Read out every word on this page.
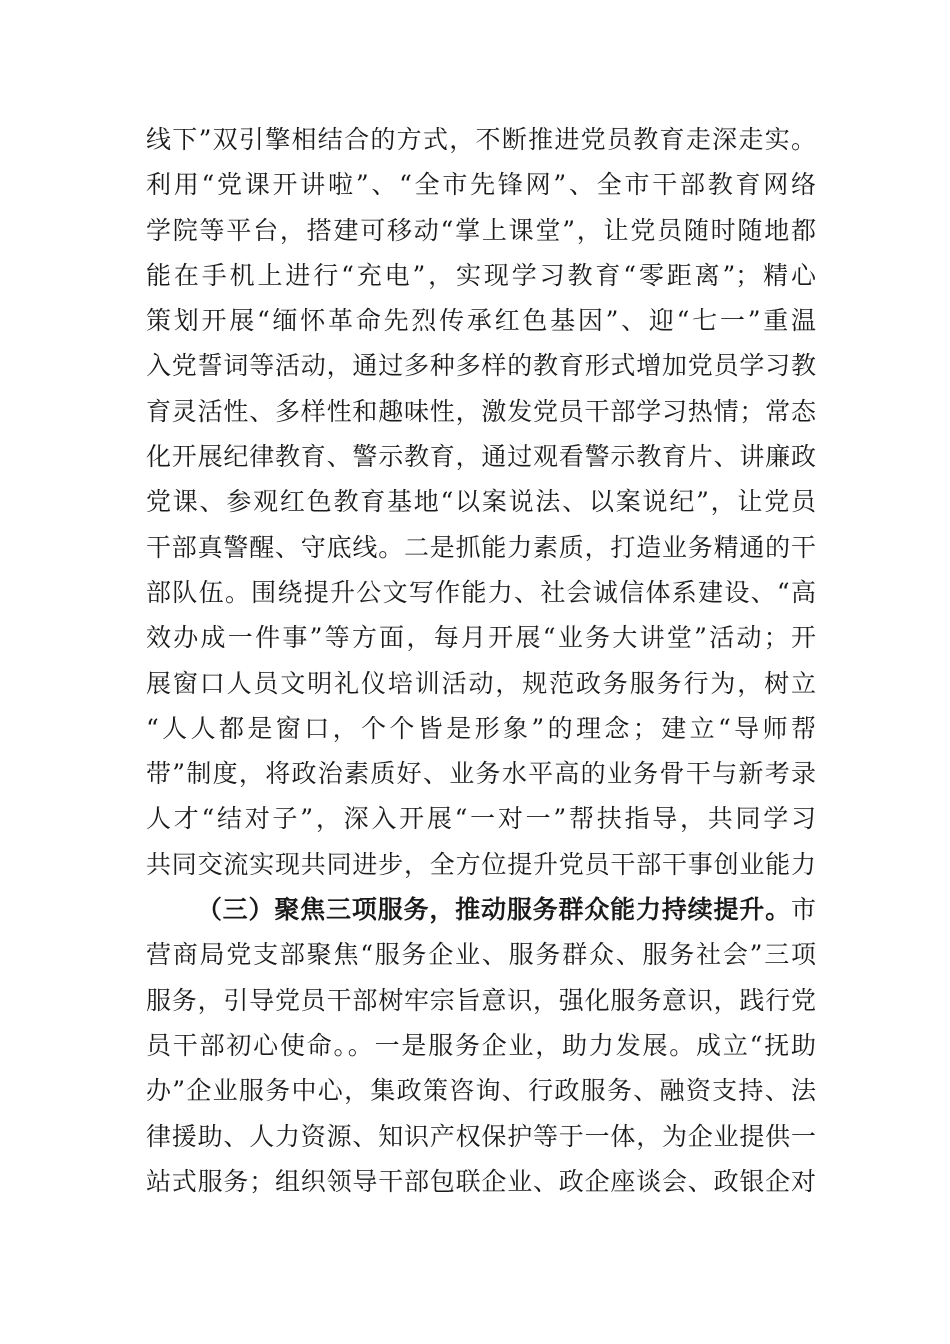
线下”双引擎相结合的方式，不断推进党员教育走深走实。
利用“党课开讲啦”、“全市先锋网”、全市干部教育网络
学院等平台，搭建可移动“掌上课堂”，让党员随时随地都
能在手机上进行“充电”，实现学习教育“零距离”；精心
策划开展“缅怀革命先烈传承红色基因”、迎“七一”重温
入党誓词等活动，通过多种多样的教育形式增加党员学习教
育灵活性、多样性和趣味性，激发党员干部学习热情；常态
化开展纪律教育、警示教育，通过观看警示教育片、讲廉政
党课、参观红色教育基地“以案说法、以案说纪”，让党员
干部真警醒、守底线。二是抓能力素质，打造业务精通的干
部队伍。围绕提升公文写作能力、社会诚信体系建设、“高
效办成一件事”等方面，每月开展“业务大讲堂”活动；开
展窗口人员文明礼仪培训活动，规范政务服务行为，树立
“人人都是窗口，个个皆是形象”的理念；建立“导师帮
带”制度，将政治素质好、业务水平高的业务骨干与新考录
人才“结对子”，深入开展“一对一”帮扶指导，共同学习
共同交流实现共同进步，全方位提升党员干部干事创业能力
（三）聚焦三项服务，推动服务群众能力持续提升。市
营商局党支部聚焦“服务企业、服务群众、服务社会”三项
服务，引导党员干部树牢宗旨意识，强化服务意识，践行党
员干部初心使命。。一是服务企业，助力发展。成立“抚助
办”企业服务中心，集政策咨询、行政服务、融资支持、法
律援助、人力资源、知识产权保护等于一体，为企业提供一
站式服务；组织领导干部包联企业、政企座谈会、政银企对
